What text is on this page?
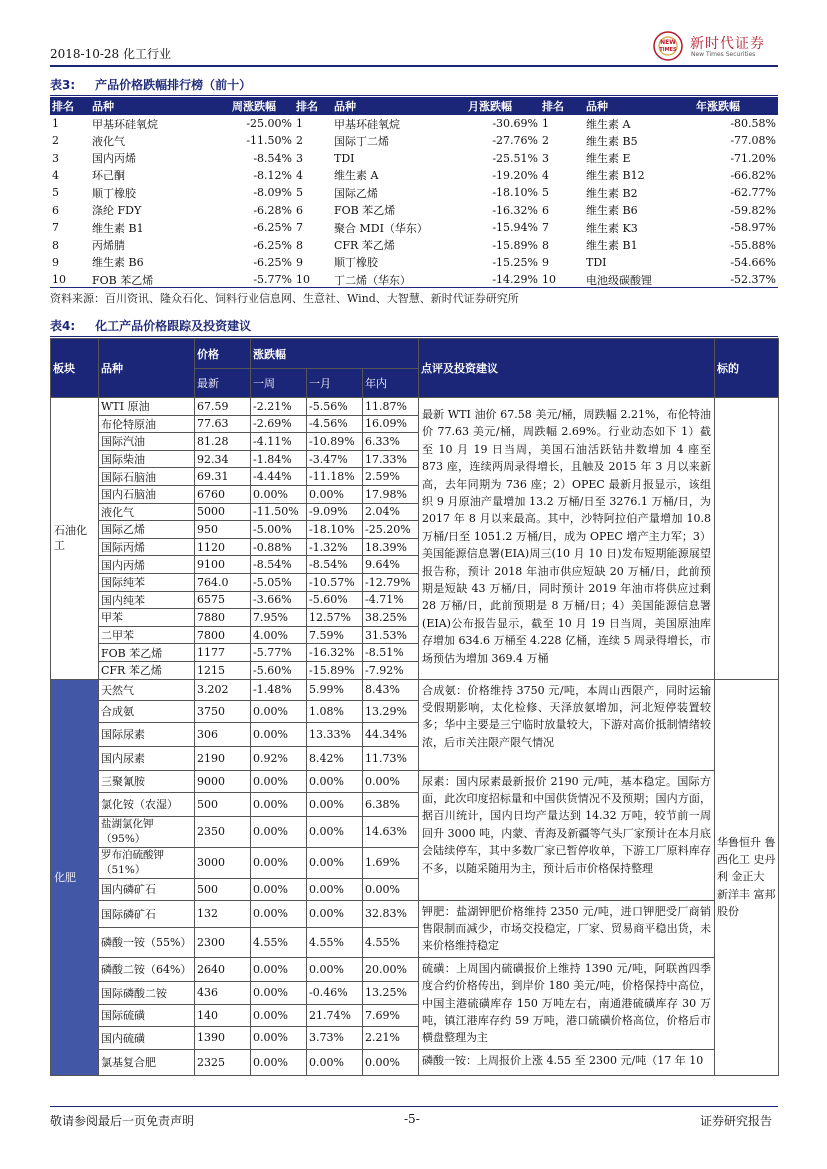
2018-10-28 化工行业
NEW
TIMES 新时代证券
New Times Securities
表3: 产品价格跌幅排行榜（前十）
排名	品种	周涨跌幅	排名	品种	月涨跌幅	排名	品种	年涨跌幅
1	甲基环硅氧烷	-25.00%	1	甲基环硅氧烷	-30.69%	1	维生素 A	-80.58%
2	液化气	-11.50%	2	国际丁二烯	-27.76%	2	维生素 B5	-77.08%
3	国内丙烯	-8.54%	3	TDI	-25.51%	3	维生素 E	-71.20%
4	环己酮	-8.12%	4	维生素 A	-19.20%	4	维生素 B12	-66.82%
5	顺丁橡胶	-8.09%	5	国际乙烯	-18.10%	5	维生素 B2	-62.77%
6	涤纶 FDY	-6.28%	6	FOB 苯乙烯	-16.32%	6	维生素 B6	-59.82%
7	维生素 B1	-6.25%	7	聚合 MDI（华东）	-15.94%	7	维生素 K3	-58.97%
8	丙烯腈	-6.25%	8	CFR 苯乙烯	-15.89%	8	维生素 B1	-55.88%
9	维生素 B6	-6.25%	9	顺丁橡胶	-15.25%	9	TDI	-54.66%
10	FOB 苯乙烯	-5.77%	10	丁二烯（华东）	-14.29%	10	电池级碳酸锂	-52.37%
资料来源：百川资讯、隆众石化、饲料行业信息网、生意社、Wind、大智慧、新时代证券研究所
表4: 化工产品价格跟踪及投资建议
板块	品种	价格	涨跌幅			点评及投资建议	标的
		最新	一周	一月	年内		
石油化工	WTI 原油	67.59	-2.21%	-5.56%	11.87%	最新 WTI 油价 67.58 美元/桶，周跌幅 2.21%，布伦特油价 77.63 美元/桶，周跌幅 2.69%。行业动态如下 1）截至 10 月 19 日当周，美国石油活跃钻井数增加 4 座至 873 座，连续两周录得增长，且触及 2015 年 3 月以来新高，去年同期为 736 座；2）OPEC 最新月报显示，该组织 9 月原油产量增加 13.2 万桶/日至 3276.1 万桶/日，为 2017 年 8 月以来最高。其中，沙特阿拉伯产量增加 10.8 万桶/日至 1051.2 万桶/日，成为 OPEC 增产主力军；3）美国能源信息署(EIA)周三(10 月 10 日)发布短期能源展望报告称，预计 2018 年油市供应短缺 20 万桶/日，此前预期是短缺 43 万桶/日，同时预计 2019 年油市将供应过剩 28 万桶/日，此前预期是 8 万桶/日；4）美国能源信息署(EIA)公布报告显示，截至 10 月 19 日当周，美国原油库存增加 634.6 万桶至 4.228 亿桶，连续 5 周录得增长，市场预估为增加 369.4 万桶	
	布伦特原油	77.63	-2.69%	-4.56%	16.09%		
	国际汽油	81.28	-4.11%	-10.89%	6.33%		
	国际柴油	92.34	-1.84%	-3.47%	17.33%		
	国际石脑油	69.31	-4.44%	-11.18%	2.59%		
	国内石脑油	6760	0.00%	0.00%	17.98%		
	液化气	5000	-11.50%	-9.09%	2.04%		
	国际乙烯	950	-5.00%	-18.10%	-25.20%		
	国际丙烯	1120	-0.88%	-1.32%	18.39%		
	国内丙烯	9100	-8.54%	-8.54%	9.64%		
	国际纯苯	764.0	-5.05%	-10.57%	-12.79%		
	国内纯苯	6575	-3.66%	-5.60%	-4.71%		
	甲苯	7880	7.95%	12.57%	38.25%		
	二甲苯	7800	4.00%	7.59%	31.53%		
	FOB 苯乙烯	1177	-5.77%	-16.32%	-8.51%		
	CFR 苯乙烯	1215	-5.60%	-15.89%	-7.92%		
化肥	天然气	3.202	-1.48%	5.99%	8.43%	合成氨：价格维持 3750 元/吨，本周山西限产，同时运输受假期影响，太化检修、天泽放氨增加，河北短停装置较多；华中主要是三宁临时放量较大，下游对高价抵制情绪较浓，后市关注限产限气情况	华鲁恒升 鲁西化工 史丹利 金正大 新洋丰 富邦股份
	合成氨	3750	0.00%	1.08%	13.29%		
	国际尿素	306	0.00%	13.33%	44.34%		
	国内尿素	2190	0.92%	8.42%	11.73%		
	三聚氰胺	9000	0.00%	0.00%	0.00%	尿素：国内尿素最新报价 2190 元/吨，基本稳定。国际方面，此次印度招标量和中国供货情况不及预期；国内方面，据百川统计，国内日均产量达到 14.32 万吨，较节前一周回升 3000 吨，内蒙、青海及新疆等气头厂家预计在本月底会陆续停车，其中多数厂家已暂停收单，下游工厂原料库存不多，以随采随用为主，预计后市价格保持整理	
	氯化铵（农湿）	500	0.00%	0.00%	6.38%		
	盐湖氯化钾（95%）	2350	0.00%	0.00%	14.63%		
	罗布泊硫酸钾（51%）	3000	0.00%	0.00%	1.69%		
	国内磷矿石	500	0.00%	0.00%	0.00%		
	国际磷矿石	132	0.00%	0.00%	32.83%	钾肥：盐湖钾肥价格维持 2350 元/吨，进口钾肥受厂商销售限制而减少，市场交投稳定，厂家、贸易商平稳出货，未来价格维持稳定	
	磷酸一铵（55%）	2300	4.55%	4.55%	4.55%		
	磷酸二铵（64%）	2640	0.00%	0.00%	20.00%	硫磺：上周国内硫磺报价上维持 1390 元/吨，阿联酋四季度合约价格传出，到岸价 180 美元/吨，价格保持中高位，中国主港硫磺库存 150 万吨左右，南通港硫磺库存 30 万吨，镇江港库存约 59 万吨，港口硫磺价格高位，价格后市横盘整理为主	
	国际磷酸二铵	436	0.00%	-0.46%	13.25%		
	国际硫磺	140	0.00%	21.74%	7.69%		
	国内硫磺	1390	0.00%	3.73%	2.21%		
	氯基复合肥	2325	0.00%	0.00%	0.00%	磷酸一铵：上周报价上涨 4.55 至 2300 元/吨（17 年 10	
敬请参阅最后一页免责声明	-5-	证券研究报告
